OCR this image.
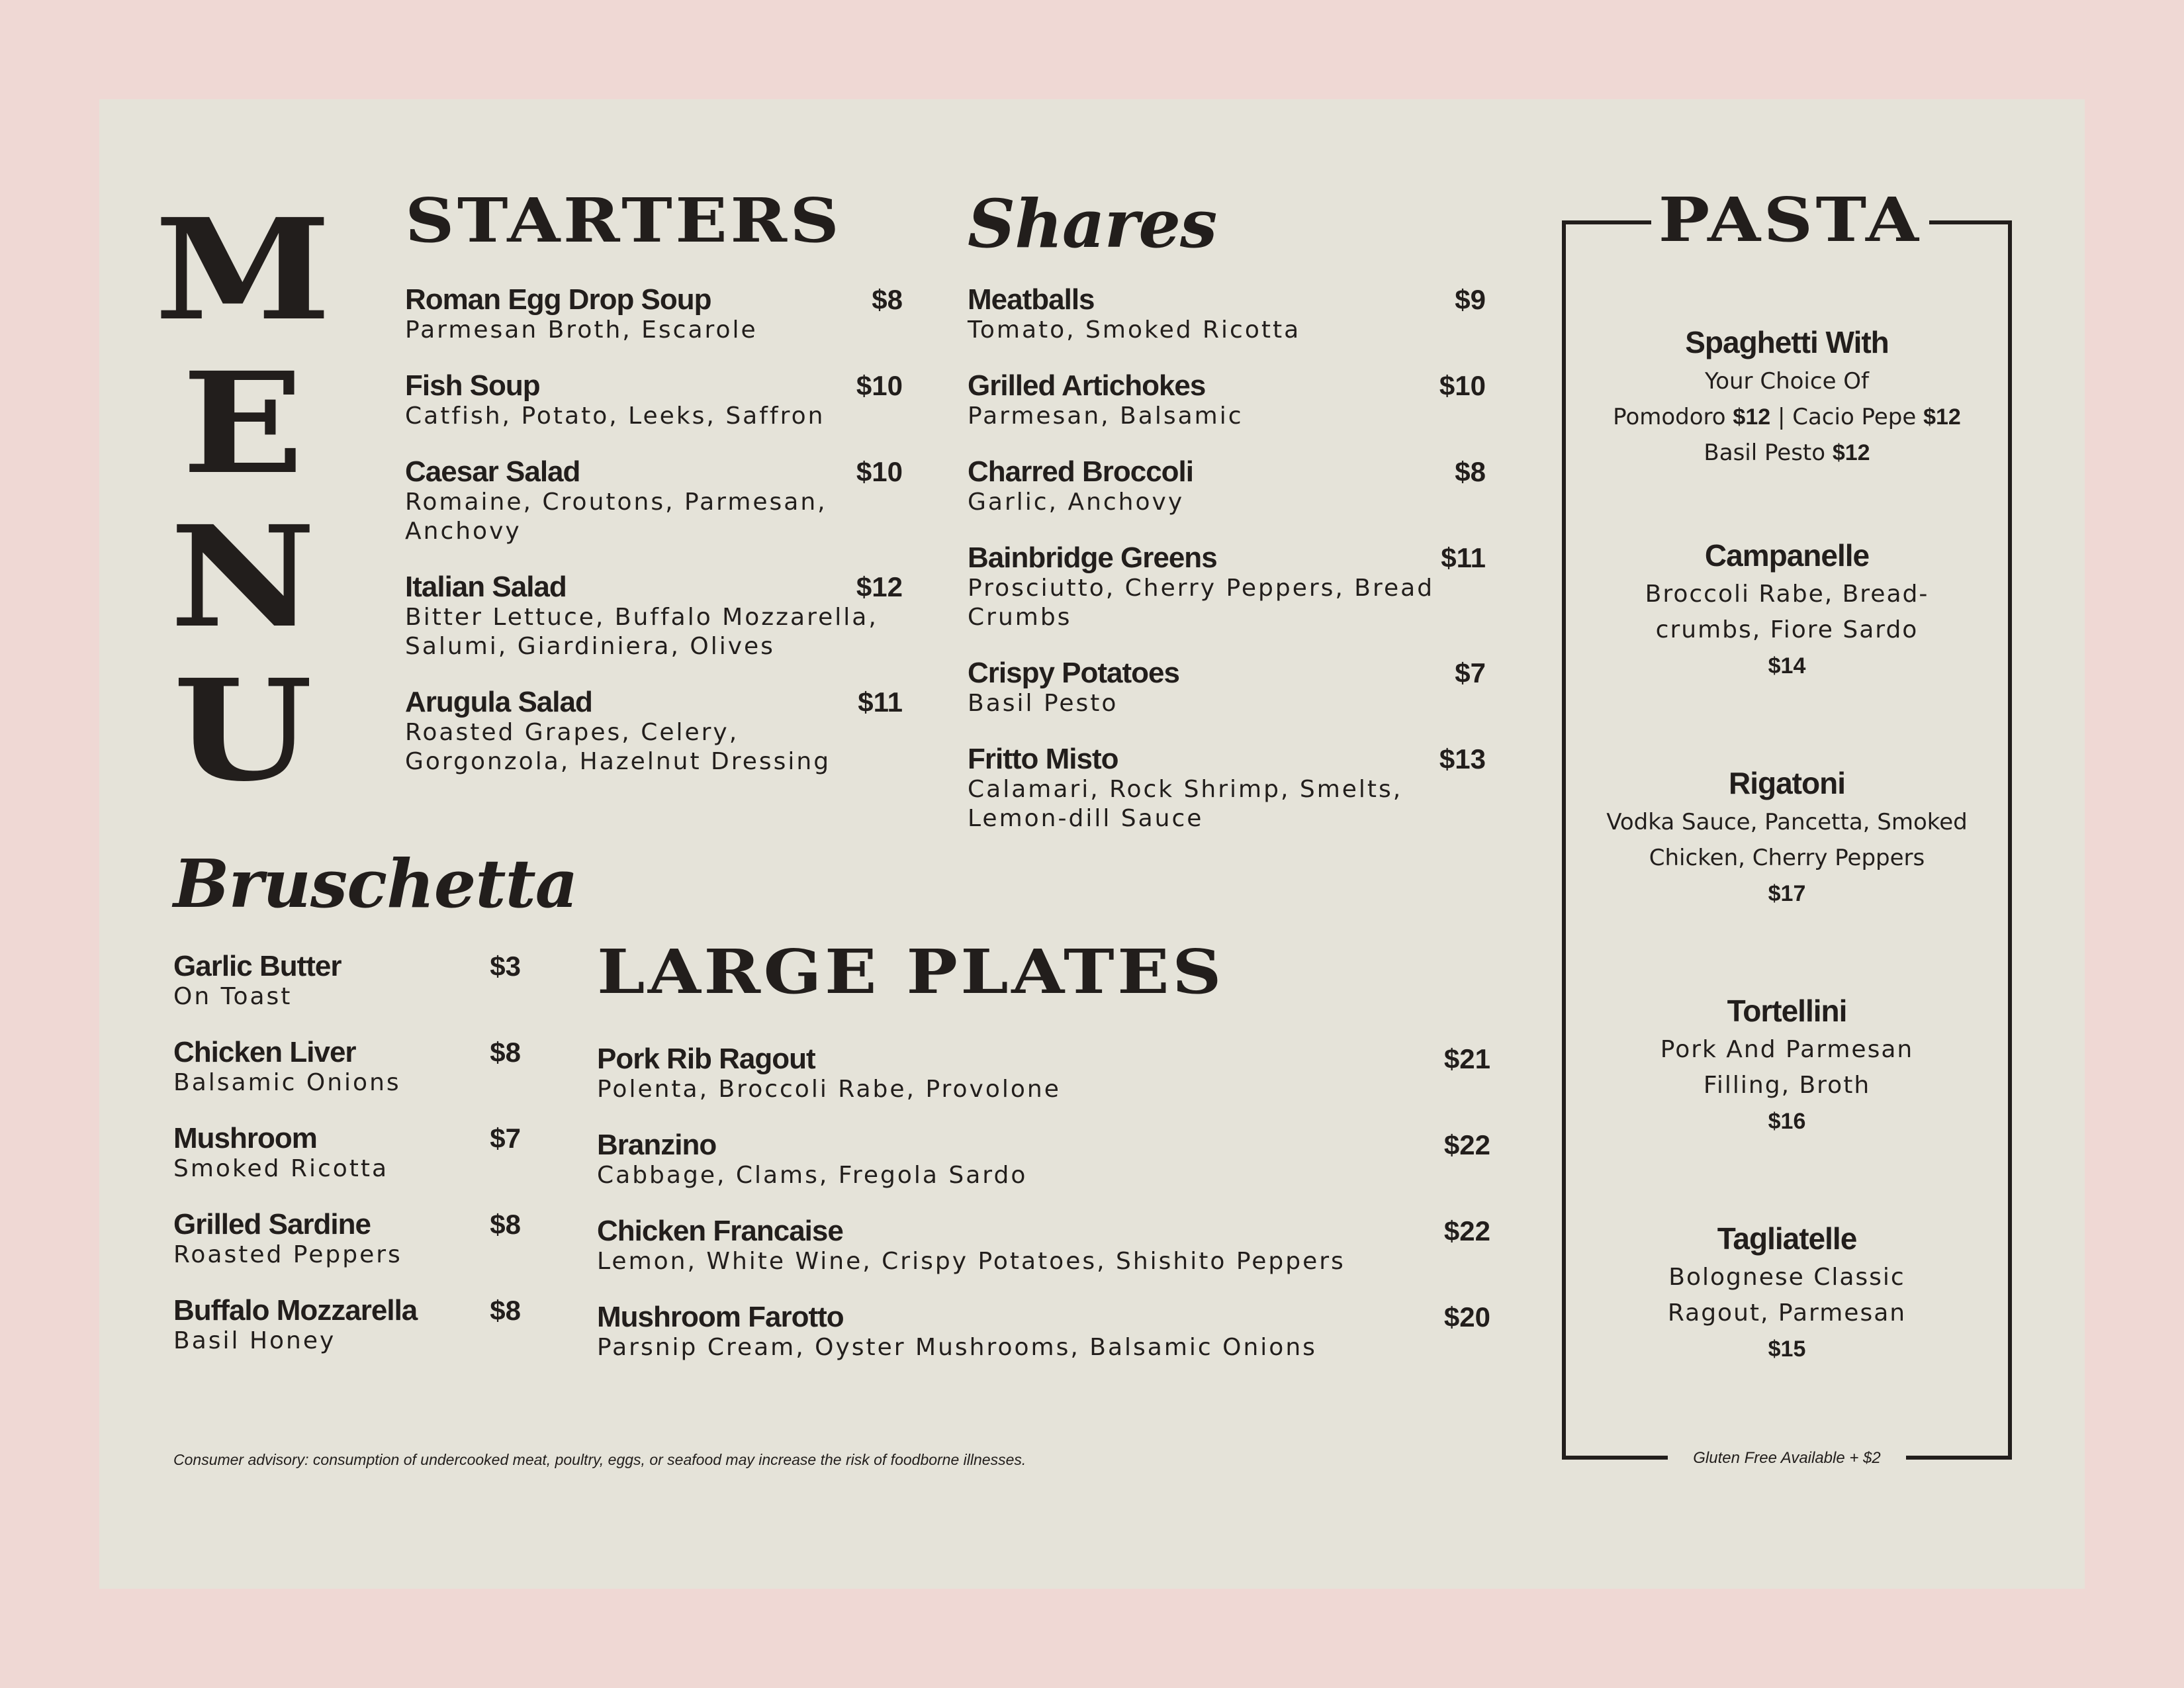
M
E
N
U
STARTERS
Roman Egg Drop Soup	$8
Parmesan Broth, Escarole
Fish Soup	$10
Catfish, Potato, Leeks, Saffron
Caesar Salad	$10
Romaine, Croutons, Parmesan, Anchovy
Italian Salad	$12
Bitter Lettuce, Buffalo Mozzarella, Salumi, Giardiniera, Olives
Arugula Salad	$11
Roasted Grapes, Celery, Gorgonzola, Hazelnut Dressing
Shares
Meatballs	$9
Tomato, Smoked Ricotta
Grilled Artichokes	$10
Parmesan, Balsamic
Charred Broccoli	$8
Garlic, Anchovy
Bainbridge Greens	$11
Prosciutto, Cherry Peppers, Bread Crumbs
Crispy Potatoes	$7
Basil Pesto
Fritto Misto	$13
Calamari, Rock Shrimp, Smelts, Lemon-dill Sauce
Bruschetta
Garlic Butter	$3
On Toast
Chicken Liver	$8
Balsamic Onions
Mushroom	$7
Smoked Ricotta
Grilled Sardine	$8
Roasted Peppers
Buffalo Mozzarella	$8
Basil Honey
LARGE PLATES
Pork Rib Ragout	$21
Polenta, Broccoli Rabe, Provolone
Branzino	$22
Cabbage, Clams, Fregola Sardo
Chicken Francaise	$22
Lemon, White Wine, Crispy Potatoes, Shishito Peppers
Mushroom Farotto	$20
Parsnip Cream, Oyster Mushrooms, Balsamic Onions
PASTA
Spaghetti With
Your Choice Of
Pomodoro $12 | Cacio Pepe $12
Basil Pesto $12
Campanelle
Broccoli Rabe, Bread-crumbs, Fiore Sardo
$14
Rigatoni
Vodka Sauce, Pancetta, Smoked Chicken, Cherry Peppers
$17
Tortellini
Pork And Parmesan Filling, Broth
$16
Tagliatelle
Bolognese Classic Ragout, Parmesan
$15
Gluten Free Available + $2
Consumer advisory: consumption of undercooked meat, poultry, eggs, or seafood may increase the risk of foodborne illnesses.
